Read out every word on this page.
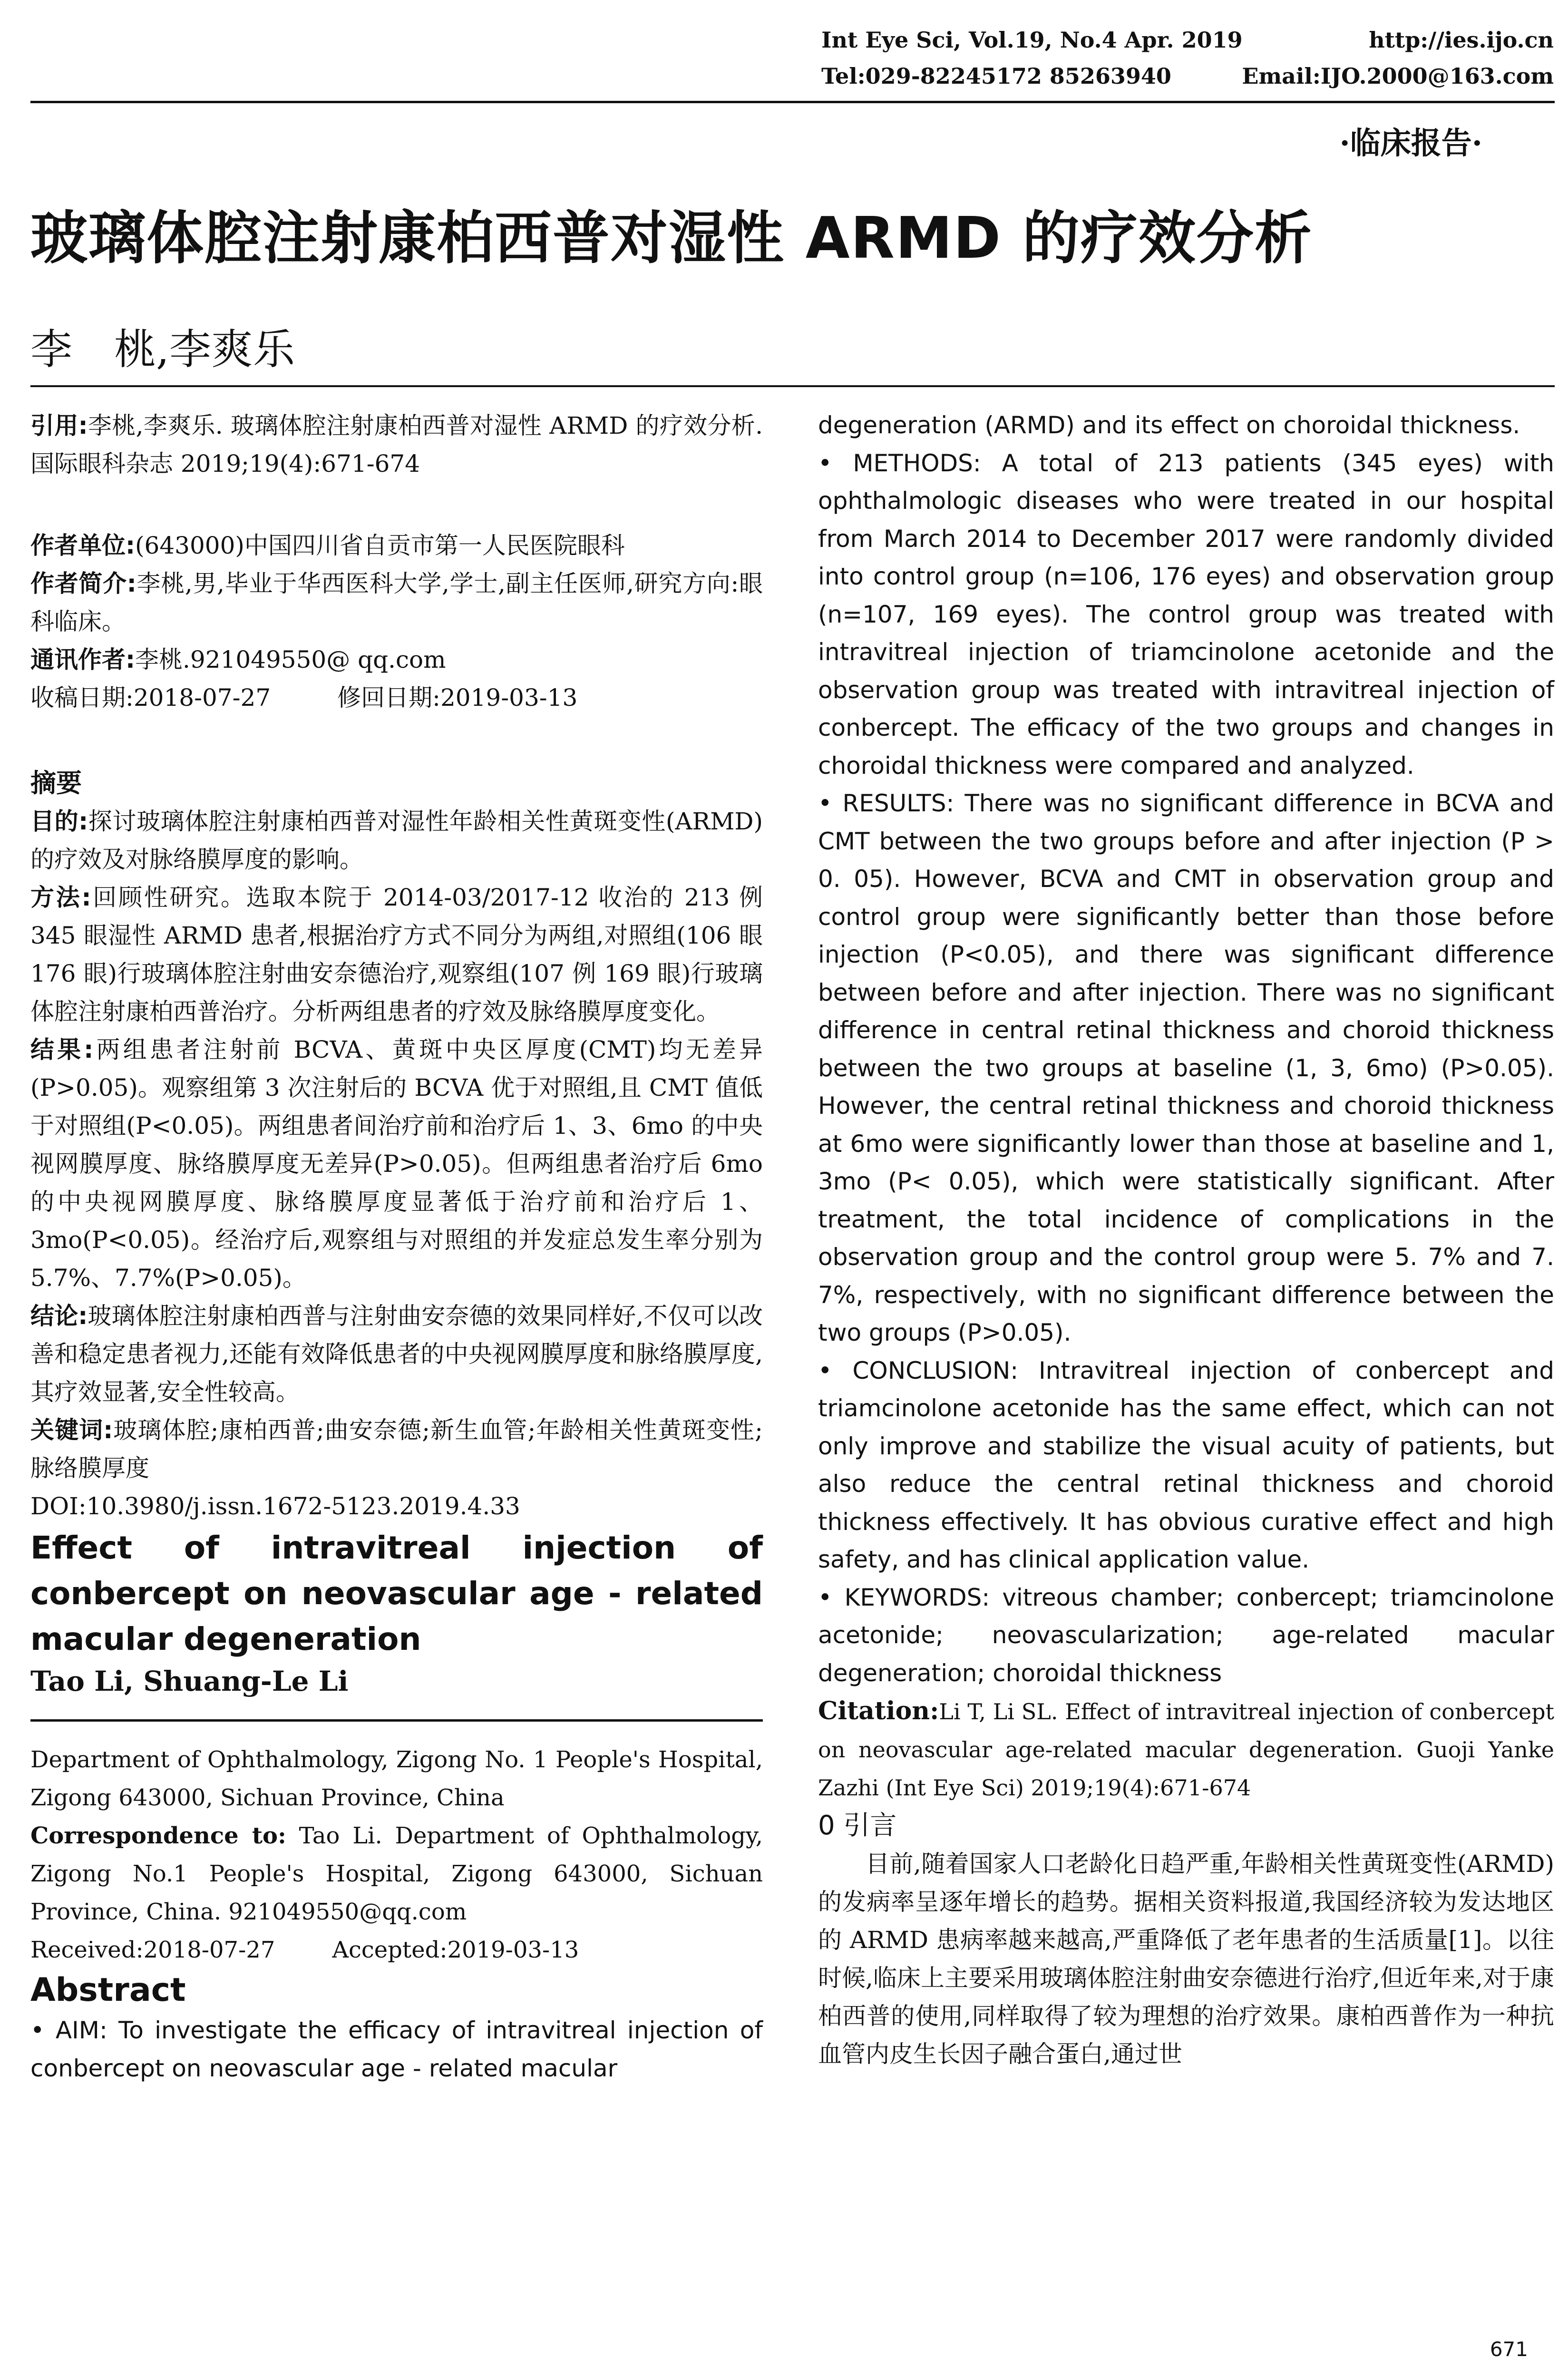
Int Eye Sci, Vol.19, No.4 Apr. 2019	http://ies.ijo.cn
Tel:029-82245172 85263940	Email:IJO.2000@163.com
·临床报告·
玻璃体腔注射康柏西普对湿性 ARMD 的疗效分析
李　桃,李爽乐

引用:李桃,李爽乐. 玻璃体腔注射康柏西普对湿性 ARMD 的疗效分析.国际眼科杂志 2019;19(4):671-674

作者单位:(643000)中国四川省自贡市第一人民医院眼科

作者简介:李桃,男,毕业于华西医科大学,学士,副主任医师,研究方向:眼科临床。

通讯作者:李桃.921049550@ qq.com

收稿日期:2018-07-27	修回日期:2019-03-13

摘要

目的:探讨玻璃体腔注射康柏西普对湿性年龄相关性黄斑变性(ARMD)的疗效及对脉络膜厚度的影响。

方法:回顾性研究。选取本院于 2014-03/2017-12 收治的 213 例 345 眼湿性 ARMD 患者,根据治疗方式不同分为两组,对照组(106 眼 176 眼)行玻璃体腔注射曲安奈德治疗,观察组(107 例 169 眼)行玻璃体腔注射康柏西普治疗。分析两组患者的疗效及脉络膜厚度变化。

结果:两组患者注射前 BCVA、黄斑中央区厚度(CMT)均无差异(P>0.05)。观察组第 3 次注射后的 BCVA 优于对照组,且 CMT 值低于对照组(P<0.05)。两组患者间治疗前和治疗后 1、3、6mo 的中央视网膜厚度、脉络膜厚度无差异(P>0.05)。但两组患者治疗后 6mo 的中央视网膜厚度、脉络膜厚度显著低于治疗前和治疗后 1、3mo(P<0.05)。经治疗后,观察组与对照组的并发症总发生率分别为 5.7%、7.7%(P>0.05)。

结论:玻璃体腔注射康柏西普与注射曲安奈德的效果同样好,不仅可以改善和稳定患者视力,还能有效降低患者的中央视网膜厚度和脉络膜厚度,其疗效显著,安全性较高。

关键词:玻璃体腔;康柏西普;曲安奈德;新生血管;年龄相关性黄斑变性;脉络膜厚度

DOI:10.3980/j.issn.1672-5123.2019.4.33

Effect of intravitreal injection of conbercept on neovascular age - related macular degeneration

Tao Li, Shuang-Le Li

Department of Ophthalmology, Zigong No. 1 People's Hospital, Zigong 643000, Sichuan Province, China

Correspondence to: Tao Li. Department of Ophthalmology, Zigong No.1 People's Hospital, Zigong 643000, Sichuan Province, China. 921049550@qq.com

Received:2018-07-27	Accepted:2019-03-13

Abstract

• AIM: To investigate the efficacy of intravitreal injection of conbercept on neovascular age - related macular

degeneration (ARMD) and its effect on choroidal thickness.

• METHODS: A total of 213 patients (345 eyes) with ophthalmologic diseases who were treated in our hospital from March 2014 to December 2017 were randomly divided into control group (n=106, 176 eyes) and observation group (n=107, 169 eyes). The control group was treated with intravitreal injection of triamcinolone acetonide and the observation group was treated with intravitreal injection of conbercept. The efficacy of the two groups and changes in choroidal thickness were compared and analyzed.

• RESULTS: There was no significant difference in BCVA and CMT between the two groups before and after injection (P > 0. 05). However, BCVA and CMT in observation group and control group were significantly better than those before injection (P<0.05), and there was significant difference between before and after injection. There was no significant difference in central retinal thickness and choroid thickness between the two groups at baseline (1, 3, 6mo) (P>0.05). However, the central retinal thickness and choroid thickness at 6mo were significantly lower than those at baseline and 1, 3mo (P< 0.05), which were statistically significant. After treatment, the total incidence of complications in the observation group and the control group were 5. 7% and 7. 7%, respectively, with no significant difference between the two groups (P>0.05).

• CONCLUSION: Intravitreal injection of conbercept and triamcinolone acetonide has the same effect, which can not only improve and stabilize the visual acuity of patients, but also reduce the central retinal thickness and choroid thickness effectively. It has obvious curative effect and high safety, and has clinical application value.

• KEYWORDS: vitreous chamber; conbercept; triamcinolone acetonide; neovascularization; age-related macular degeneration; choroidal thickness

Citation:Li T, Li SL. Effect of intravitreal injection of conbercept on neovascular age-related macular degeneration. Guoji Yanke Zazhi (Int Eye Sci) 2019;19(4):671-674

0 引言

目前,随着国家人口老龄化日趋严重,年龄相关性黄斑变性(ARMD)的发病率呈逐年增长的趋势。据相关资料报道,我国经济较为发达地区的 ARMD 患病率越来越高,严重降低了老年患者的生活质量[1]。以往时候,临床上主要采用玻璃体腔注射曲安奈德进行治疗,但近年来,对于康柏西普的使用,同样取得了较为理想的治疗效果。康柏西普作为一种抗血管内皮生长因子融合蛋白,通过世

671
